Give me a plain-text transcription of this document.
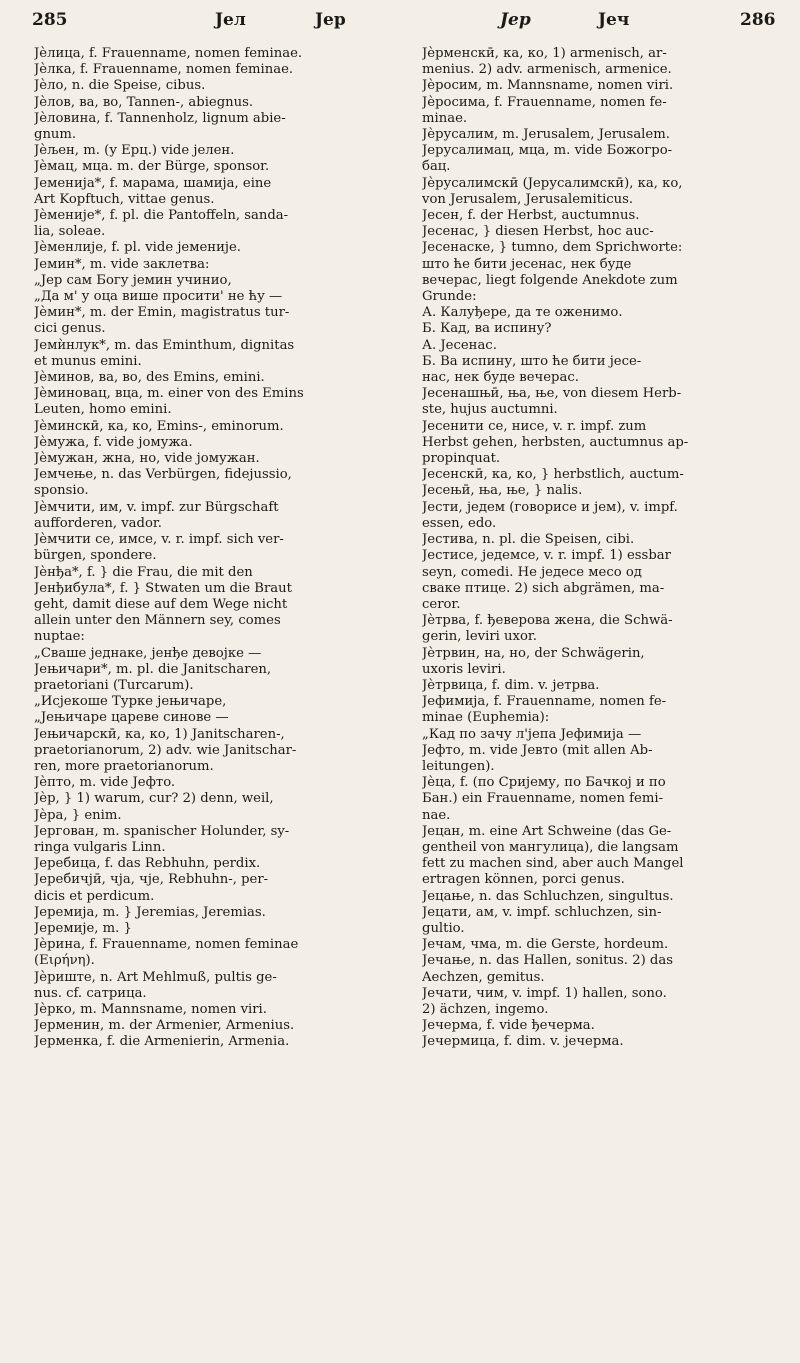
285	Јел	Јер	Јер	Јеч	286

Јѐлица, f. Frauenname, nomen feminae.

Јѐлка, f. Frauenname, nomen feminae.

Јѐло, n. die Speise, cibus.

Јѐлов, ва, во, Tannen-, abiegnus.

Јѐловина, f. Tannenholz, lignum abie-

gnum.

Јѐљен, m. (у Ерц.) vide јелен.

Јѐмац, мца. m. der Bürge, sponsor.

Јеменија*, f. марама, шамија, eine

Art Kopftuch, vittae genus.

Јѐменије*, f. pl. die Pantoffeln, sanda-

lia, soleae.

Јѐменлије, f. pl. vide јеменије.

Јемин*, m. vide заклетва:

„Јер сам Богу јемин учинио,

„Да м' у оца више просити' не ћу —

Јѐмин*, m. der Emin, magistratus tur-

cici genus.

Јемѝнлук*, m. das Eminthum, dignitas

et munus emini.

Јѐминов, ва, во, des Emins, emini.

Јѐминовац, вца, m. einer von des Emins

Leuten, homo emini.

Јѐминскӣ, ка, ко, Emins-, eminorum.

Јѐмужа, f. vide јомужа.

Јѐмужан, жна, но, vide јомужан.

Јемчење, n. das Verbürgen, fidejussio,

sponsio.

Јѐмчити, им, v. impf. zur Bürgschaft

aufforderen, vador.

Јѐмчити се, имсе, v. r. impf. sich ver-

bürgen, spondere.

Јѐнђа*, f. } die Frau, die mit den

Јенђибула*, f. } Stwaten um die Braut

geht, damit diese auf dem Wege nicht

allein unter den Männern sey, comes

nuptae:

„Сваше једнаке, јенђе девојке —

Јењичари*, m. pl. die Janitscharen,

praetoriani (Turcarum).

„Исјекоше Турке јењичаре,

„Јењичаре цареве синове —

Јењичарскӣ, ка, ко, 1) Janitscharen-,

praetorianorum, 2) adv. wie Janitschar-

ren, more praetorianorum.

Јѐпто, m. vide Јефтo.

Јѐр, } 1) warum, cur? 2) denn, weil,

Јѐра, } enim.

Јергован, m. spanischer Holunder, sy-

ringa vulgaris Linn.

Јеребица, f. das Rebhuhn, perdix.

Јеребичјӣ, чја, чје, Rebhuhn-, per-

dicis et perdicum.

Јеремија, m. } Jeremias, Jeremias.

Јеремије, m. }

Јѐрина, f. Frauenname, nomen feminae

(Ειρήνη).

Јѐриште, n. Art Mehlmuß, pultis ge-

nus. cf. сатрица.

Јѐрко, m. Mannsname, nomen viri.

Јерменин, m. der Armenier, Armenius.

Јерменка, f. die Armenierin, Armenia.

Јѐрменскӣ, ка, ко, 1) armenisch, ar-

menius. 2) adv. armenisch, armenice.

Јѐросим, m. Mannsname, nomen viri.

Јѐросима, f. Frauenname, nomen fe-

minae.

Јѐрусалим, m. Jerusalem, Jerusalem.

Јерусалимац, мца, m. vide Божогро-

бац.

Јѐрусалимскӣ (Јерусалимскӣ), ка, ко,

von Jerusalem, Jerusalemiticus.

Јесен, f. der Herbst, auctumnus.

Јесенас, } diesen Herbst, hoc auc-

Јесенаске, } tumno, dem Sprichworte:

што ће бити јесенас, нек буде

вечерас, liegt folgende Anekdote zum

Grunde:

А. Калуђере, да те оженимо.

Б. Кад, ва испину?

А. Јесенас.

Б. Ва испину, што ће бити јесе-

нас, нек буде вечерас.

Јесенашњӣ, ња, ње, von diesem Herb-

ste, hujus auctumni.

Јесенити се, нисе, v. r. impf. zum

Herbst gehen, herbsten, auctumnus ap-

propinquat.

Јесенскӣ, ка, ко, } herbstlich, auctum-

Јесењӣ, ња, ње, } nalis.

Јести, једем (говорисе и јем), v. impf.

essen, edo.

Јестива, n. pl. die Speisen, cibi.

Јестисе, једемсе, v. r. impf. 1) essbar

seyn, comedi. Не једесе месо од

сваке птице. 2) sich abgrämen, ma-

ceror.

Јѐтрва, f. ђеверова жена, die Schwä-

gerin, leviri uxor.

Јѐтрвин, на, но, der Schwägerin,

uxoris leviri.

Јѐтрвица, f. dim. v. јетрва.

Јефимија, f. Frauenname, nomen fe-

minae (Euphemia):

„Кад по зачу л'јепа Јефимија —

Јефто, m. vide Јевто (mit allen Ab-

leitungen).

Јѐца, f. (по Сријему, по Бачкој и по

Бан.) ein Frauenname, nomen femi-

nae.

Јецан, m. eine Art Schweine (das Ge-

gentheil von мангулица), die langsam

fett zu machen sind, aber auch Mangel

ertragen können, porci genus.

Јецање, n. das Schluchzen, singultus.

Јецати, ам, v. impf. schluchzen, sin-

gultio.

Јечам, чма, m. die Gerste, hordeum.

Јечање, n. das Hallen, sonitus. 2) das

Aechzen, gemitus.

Јечати, чим, v. impf. 1) hallen, sono.

2) ächzen, ingemo.

Јечерма, f. vide ђечерма.

Јечермица, f. dim. v. јечерма.
